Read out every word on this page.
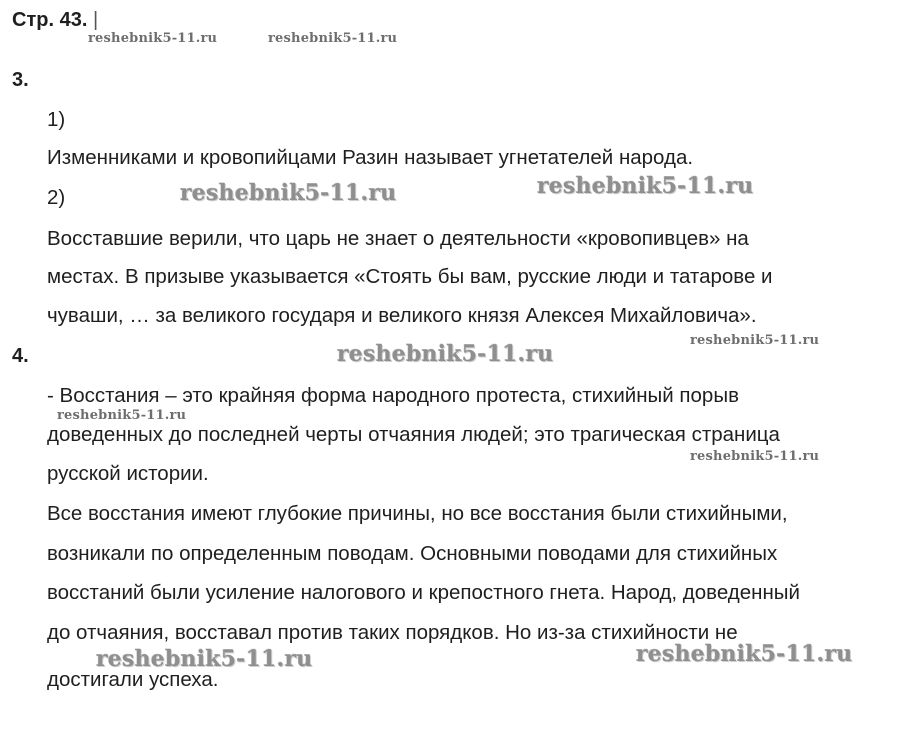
Стр. 43. |
3.
1)
Изменниками и кровопийцами Разин называет угнетателей народа.
2)
Восставшие верили, что царь не знает о деятельности «кровопивцев» на
местах. В призыве указывается «Стоять бы вам, русские люди и татарове и
чуваши, … за великого государя и великого князя Алексея Михайловича».
4.
- Восстания – это крайняя форма народного протеста, стихийный порыв
доведенных до последней черты отчаяния людей; это трагическая страница
русской истории.
Все восстания имеют глубокие причины, но все восстания были стихийными,
возникали по определенным поводам. Основными поводами для стихийных
восстаний были усиление налогового и крепостного гнета. Народ, доведенный
до отчаяния, восставал против таких порядков. Но из-за стихийности не
достигали успеха.
reshebnik5-11.ru	reshebnik5-11.ru
reshebnik5-11.ru	reshebnik5-11.ru
reshebnik5-11.ru
reshebnik5-11.ru
reshebnik5-11.ru
reshebnik5-11.ru
reshebnik5-11.ru	reshebnik5-11.ru
